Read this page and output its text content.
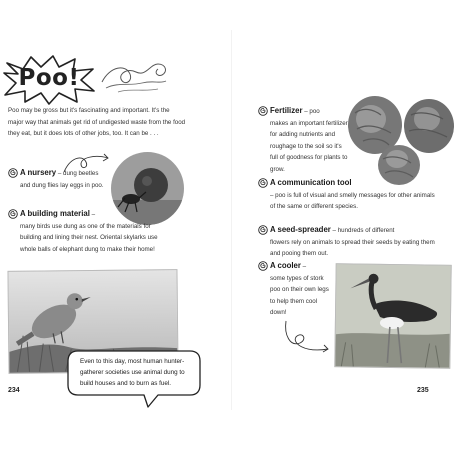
Poo!
Poo may be gross but it's fascinating and important. It's the major way that animals get rid of undigested waste from the food they eat, but it does lots of other jobs, too. It can be . . .
A nursery – dung beetles
and dung flies lay eggs in poo.
A building material –
many birds use dung as one of the materials for building and lining their nest. Oriental skylarks use whole balls of elephant dung to make their home!
Even to this day, most human hunter-gatherer societies use animal dung to build houses and to burn as fuel.
234
Fertilizer – poo
makes an important fertilizer for adding nutrients and roughage to the soil so it's full of goodness for plants to grow.
A communication tool
– poo is full of visual and smelly messages for other animals of the same or different species.
A seed-spreader – hundreds of different
flowers rely on animals to spread their seeds by eating them and pooing them out.
A cooler –
some types of stork poo on their own legs to help them cool down!
235
